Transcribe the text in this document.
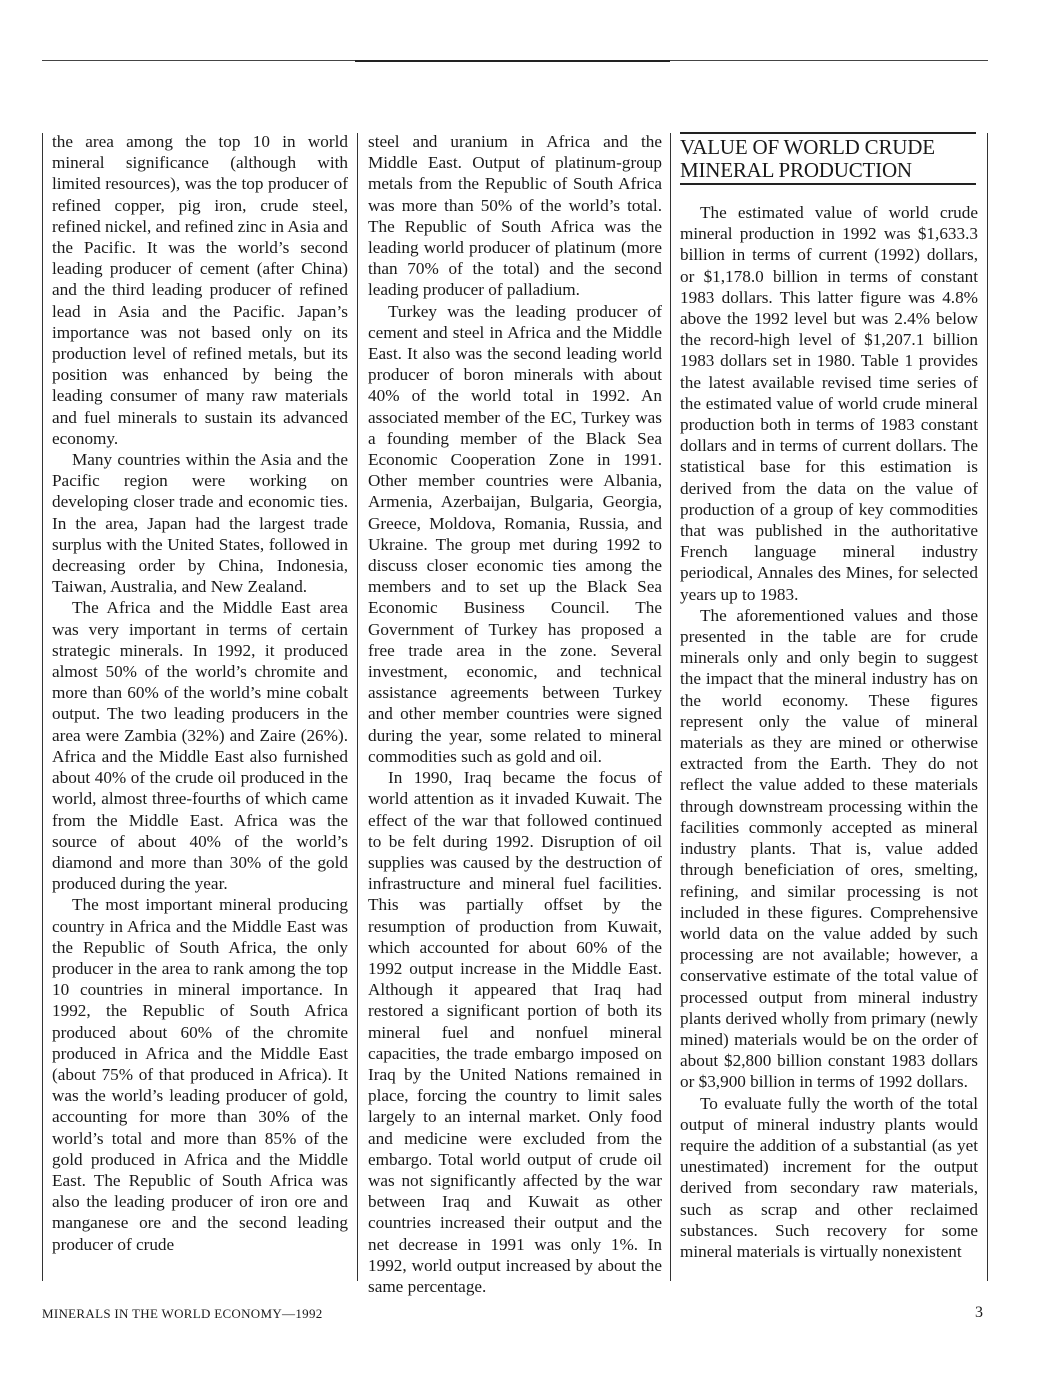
the area among the top 10 in world mineral significance (although with limited resources), was the top producer of refined copper, pig iron, crude steel, refined nickel, and refined zinc in Asia and the Pacific. It was the world’s second leading producer of cement (after China) and the third leading producer of refined lead in Asia and the Pacific. Japan’s importance was not based only on its production level of refined metals, but its position was enhanced by being the leading consumer of many raw materials and fuel minerals to sustain its advanced economy.

Many countries within the Asia and the Pacific region were working on developing closer trade and economic ties. In the area, Japan had the largest trade surplus with the United States, followed in decreasing order by China, Indonesia, Taiwan, Australia, and New Zealand.

The Africa and the Middle East area was very important in terms of certain strategic minerals. In 1992, it produced almost 50% of the world’s chromite and more than 60% of the world’s mine cobalt output. The two leading producers in the area were Zambia (32%) and Zaire (26%). Africa and the Middle East also furnished about 40% of the crude oil produced in the world, almost three-fourths of which came from the Middle East. Africa was the source of about 40% of the world’s diamond and more than 30% of the gold produced during the year.

The most important mineral producing country in Africa and the Middle East was the Republic of South Africa, the only producer in the area to rank among the top 10 countries in mineral importance. In 1992, the Republic of South Africa produced about 60% of the chromite produced in Africa and the Middle East (about 75% of that produced in Africa). It was the world’s leading producer of gold, accounting for more than 30% of the world’s total and more than 85% of the gold produced in Africa and the Middle East. The Republic of South Africa was also the leading producer of iron ore and manganese ore and the second leading producer of crude

steel and uranium in Africa and the Middle East. Output of platinum-group metals from the Republic of South Africa was more than 50% of the world’s total. The Republic of South Africa was the leading world producer of platinum (more than 70% of the total) and the second leading producer of palladium.

Turkey was the leading producer of cement and steel in Africa and the Middle East. It also was the second leading world producer of boron minerals with about 40% of the world total in 1992. An associated member of the EC, Turkey was a founding member of the Black Sea Economic Cooperation Zone in 1991. Other member countries were Albania, Armenia, Azerbaijan, Bulgaria, Georgia, Greece, Moldova, Romania, Russia, and Ukraine. The group met during 1992 to discuss closer economic ties among the members and to set up the Black Sea Economic Business Council. The Government of Turkey has proposed a free trade area in the zone. Several investment, economic, and technical assistance agreements between Turkey and other member countries were signed during the year, some related to mineral commodities such as gold and oil.

In 1990, Iraq became the focus of world attention as it invaded Kuwait. The effect of the war that followed continued to be felt during 1992. Disruption of oil supplies was caused by the destruction of infrastructure and mineral fuel facilities. This was partially offset by the resumption of production from Kuwait, which accounted for about 60% of the 1992 output increase in the Middle East. Although it appeared that Iraq had restored a significant portion of both its mineral fuel and nonfuel mineral capacities, the trade embargo imposed on Iraq by the United Nations remained in place, forcing the country to limit sales largely to an internal market. Only food and medicine were excluded from the embargo. Total world output of crude oil was not significantly affected by the war between Iraq and Kuwait as other countries increased their output and the net decrease in 1991 was only 1%. In 1992, world output increased by about the same percentage.

VALUE OF WORLD CRUDE MINERAL PRODUCTION

The estimated value of world crude mineral production in 1992 was $1,633.3 billion in terms of current (1992) dollars, or $1,178.0 billion in terms of constant 1983 dollars. This latter figure was 4.8% above the 1992 level but was 2.4% below the record-high level of $1,207.1 billion 1983 dollars set in 1980. Table 1 provides the latest available revised time series of the estimated value of world crude mineral production both in terms of 1983 constant dollars and in terms of current dollars. The statistical base for this estimation is derived from the data on the value of production of a group of key commodities that was published in the authoritative French language mineral industry periodical, Annales des Mines, for selected years up to 1983.

The aforementioned values and those presented in the table are for crude minerals only and only begin to suggest the impact that the mineral industry has on the world economy. These figures represent only the value of mineral materials as they are mined or otherwise extracted from the Earth. They do not reflect the value added to these materials through downstream processing within the facilities commonly accepted as mineral industry plants. That is, value added through beneficiation of ores, smelting, refining, and similar processing is not included in these figures. Comprehensive world data on the value added by such processing are not available; however, a conservative estimate of the total value of processed output from mineral industry plants derived wholly from primary (newly mined) materials would be on the order of about $2,800 billion constant 1983 dollars or $3,900 billion in terms of 1992 dollars.

To evaluate fully the worth of the total output of mineral industry plants would require the addition of a substantial (as yet unestimated) increment for the output derived from secondary raw materials, such as scrap and other reclaimed substances. Such recovery for some mineral materials is virtually nonexistent

MINERALS IN THE WORLD ECONOMY—1992	3
